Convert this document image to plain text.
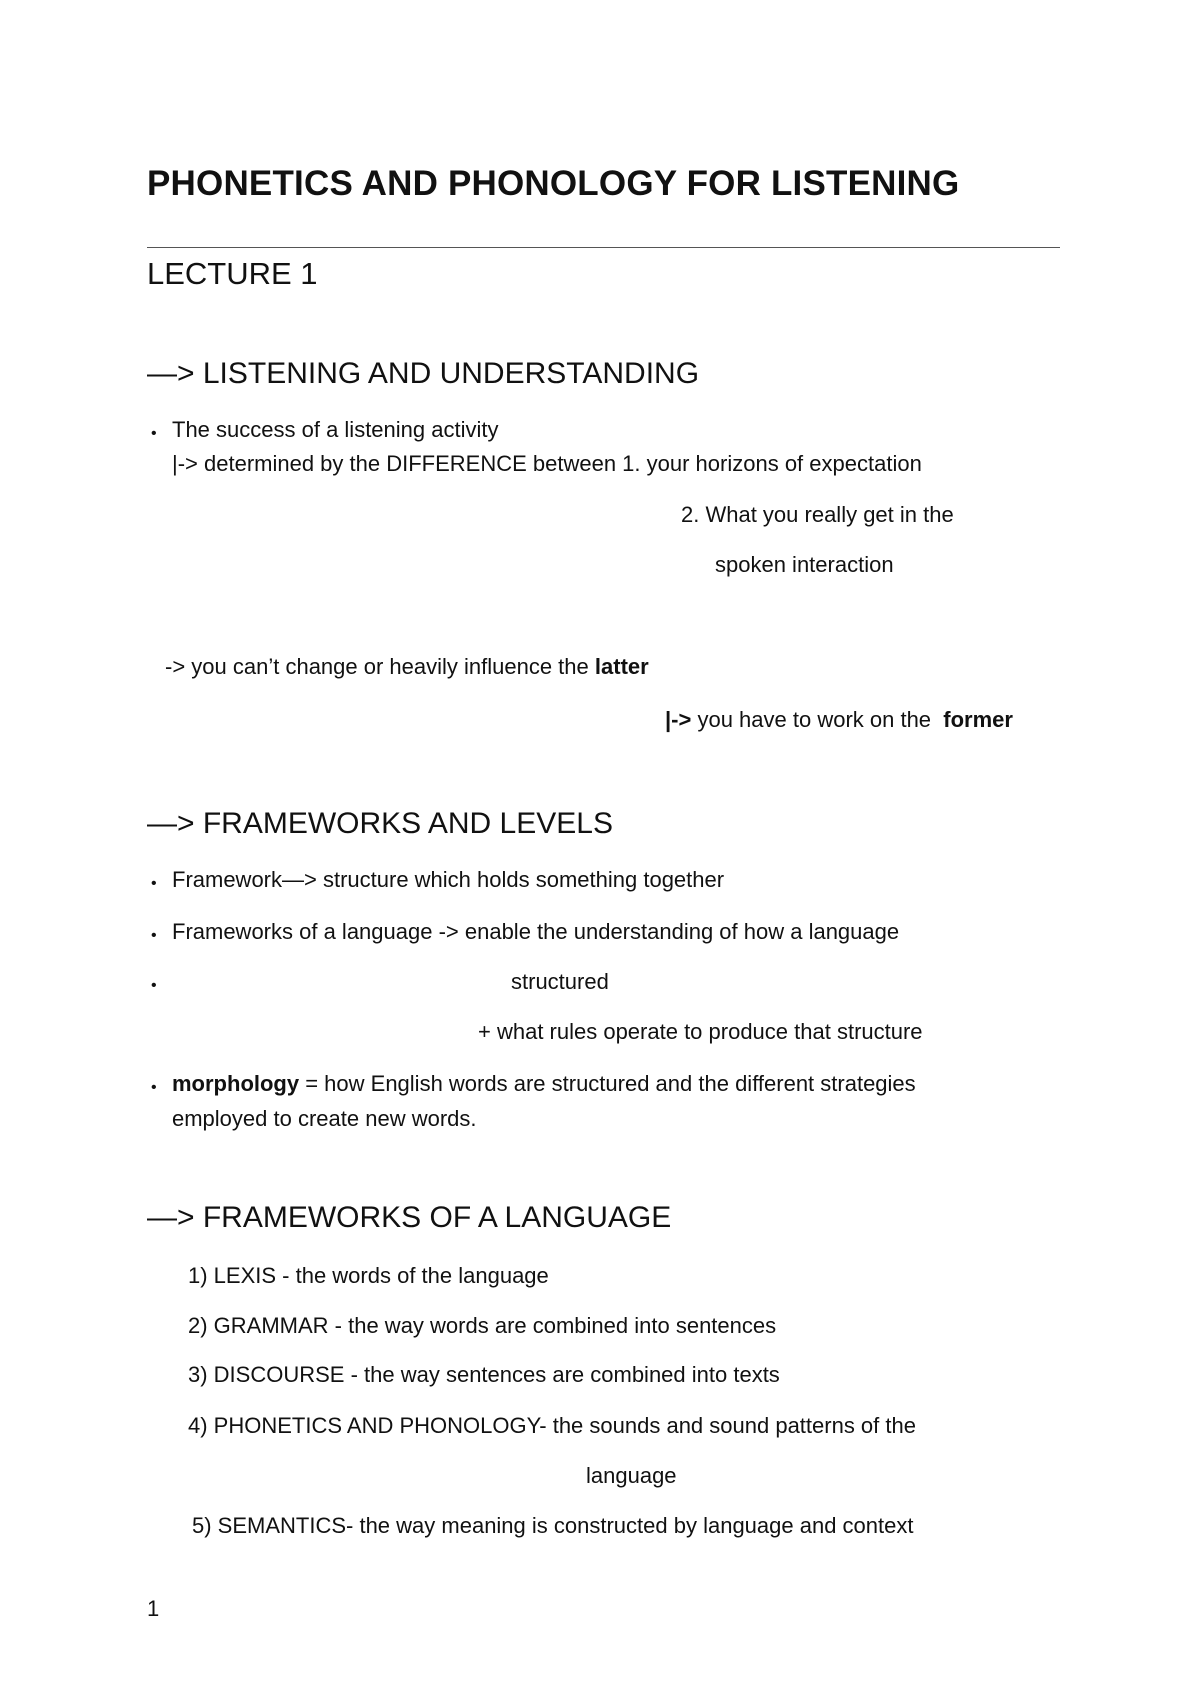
PHONETICS AND PHONOLOGY FOR LISTENING
LECTURE 1
—> LISTENING AND UNDERSTANDING
• The success of a listening activity
|-> determined by the DIFFERENCE between 1. your horizons of expectation
2. What you really get in the
spoken interaction
-> you can’t change or heavily influence the latter
|-> you have to work on the  former
—> FRAMEWORKS AND LEVELS
• Framework—> structure which holds something together
• Frameworks of a language -> enable the understanding of how a language
•	structured
+ what rules operate to produce that structure
• morphology = how English words are structured and the different strategies
employed to create new words.
—> FRAMEWORKS OF A LANGUAGE
1) LEXIS - the words of the language
2) GRAMMAR - the way words are combined into sentences
3) DISCOURSE - the way sentences are combined into texts
4) PHONETICS AND PHONOLOGY- the sounds and sound patterns of the
language
5) SEMANTICS- the way meaning is constructed by language and context
1
